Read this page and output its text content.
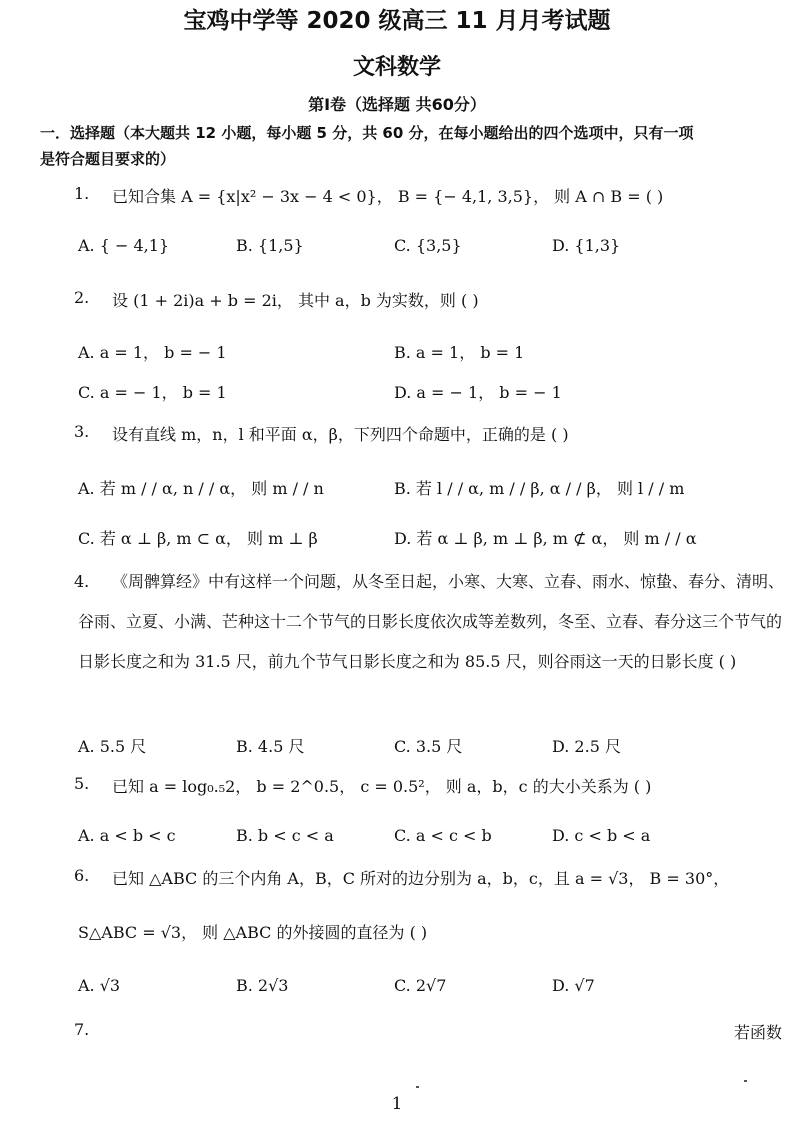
宝鸡中学等 2020 级高三 11 月月考试题
文科数学
第Ⅰ卷（选择题 共60分）
一．选择题（本大题共 12 小题，每小题 5 分，共 60 分，在每小题给出的四个选项中，只有一项
是符合题目要求的）
1. 已知合集 A = {x|x² − 3x − 4 < 0}， B = {− 4,1, 3,5}， 则 A ∩ B = ( )
A. { − 4,1}	B. {1,5}	C. {3,5}	D. {1,3}
2. 设 (1 + 2i)a + b = 2i， 其中 a，b 为实数，则 ( )
A. a = 1， b = − 1	B. a = 1， b = 1
C. a = − 1， b = 1	D. a = − 1， b = − 1
3. 设有直线 m，n，l 和平面 α，β，下列四个命题中，正确的是 ( )
A. 若 m / / α, n / / α， 则 m / / n	B. 若 l / / α, m / / β, α / / β， 则 l / / m
C. 若 α ⊥ β, m ⊂ α， 则 m ⊥ β	D. 若 α ⊥ β, m ⊥ β, m ⊄ α， 则 m / / α
4.	《周髀算经》中有这样一个问题，从冬至日起，小寒、大寒、立春、雨水、惊蛰、春分、清明、谷雨、立夏、小满、芒种这十二个节气的日影长度依次成等差数列，冬至、立春、春分这三个节气的日影长度之和为 31.5 尺，前九个节气日影长度之和为 85.5 尺，则谷雨这一天的日影长度 ( )
A. 5.5 尺	B. 4.5 尺	C. 3.5 尺	D. 2.5 尺
5. 已知 a = log₀.₅2， b = 2^0.5， c = 0.5²， 则 a，b，c 的大小关系为 ( )
A. a < b < c	B. b < c < a	C. a < c < b	D. c < b < a
6. 已知 △ABC 的三个内角 A，B，C 所对的边分别为 a，b，c，且 a = √3， B = 30°，
S△ABC = √3， 则 △ABC 的外接圆的直径为 ( )
A. √3	B. 2√3	C. 2√7	D. √7
7.	若函数
1
